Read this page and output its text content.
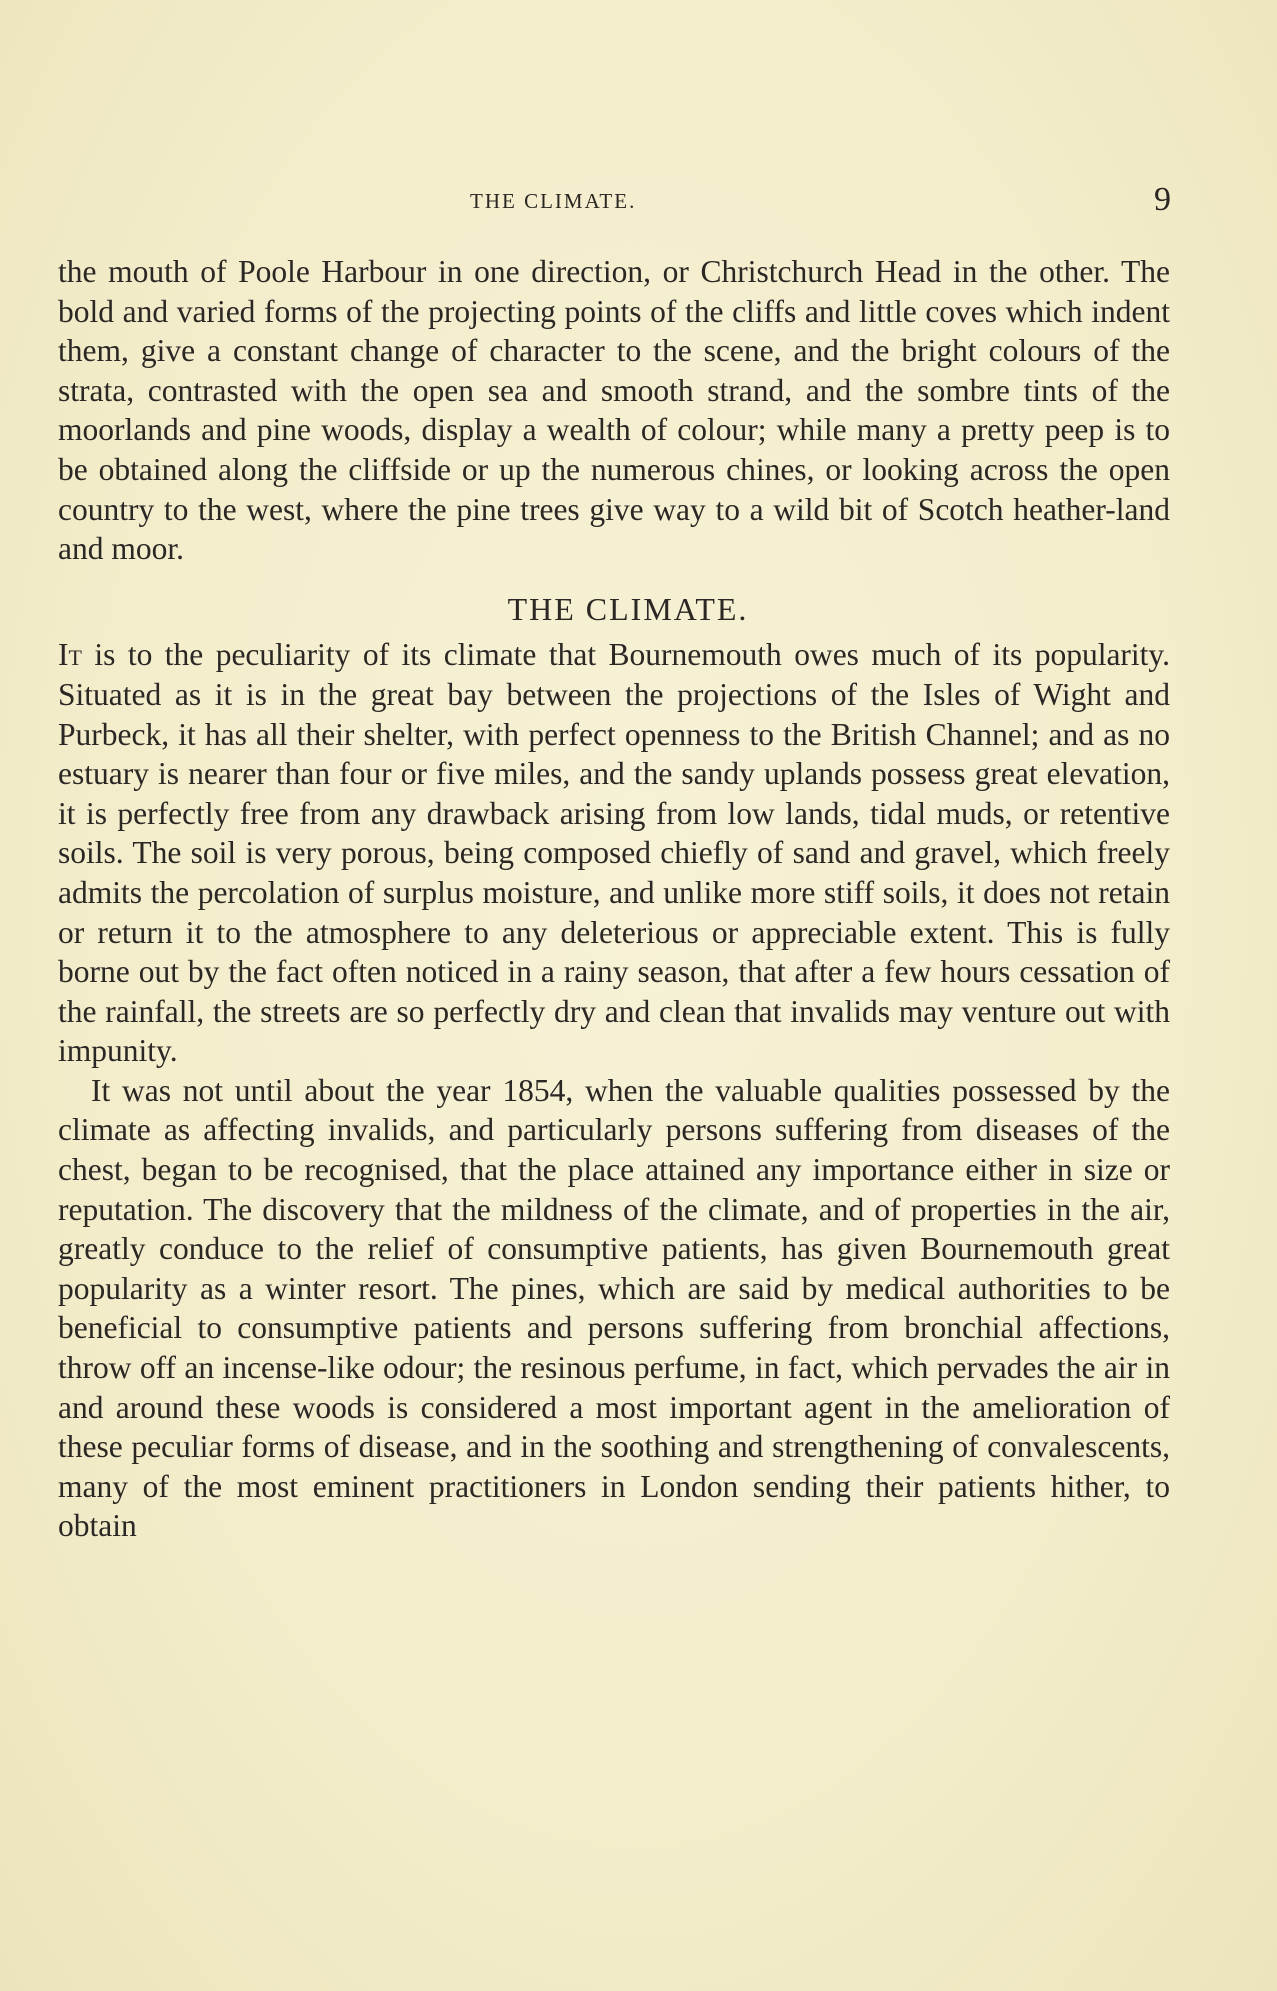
THE CLIMATE.	9

the mouth of Poole Harbour in one direction, or Christchurch Head in the other. The bold and varied forms of the projecting points of the cliffs and little coves which indent them, give a constant change of character to the scene, and the bright colours of the strata, contrasted with the open sea and smooth strand, and the sombre tints of the moorlands and pine woods, display a wealth of colour; while many a pretty peep is to be obtained along the cliffside or up the numerous chines, or looking across the open country to the west, where the pine trees give way to a wild bit of Scotch heather-land and moor.

THE CLIMATE.

It is to the peculiarity of its climate that Bournemouth owes much of its popularity. Situated as it is in the great bay between the projections of the Isles of Wight and Purbeck, it has all their shelter, with perfect openness to the British Channel; and as no estuary is nearer than four or five miles, and the sandy uplands possess great elevation, it is perfectly free from any drawback arising from low lands, tidal muds, or retentive soils. The soil is very porous, being composed chiefly of sand and gravel, which freely admits the percolation of surplus moisture, and unlike more stiff soils, it does not retain or return it to the atmosphere to any deleterious or appreciable extent. This is fully borne out by the fact often noticed in a rainy season, that after a few hours cessation of the rainfall, the streets are so perfectly dry and clean that invalids may venture out with impunity.

It was not until about the year 1854, when the valuable qualities possessed by the climate as affecting invalids, and particularly persons suffering from diseases of the chest, began to be recognised, that the place attained any importance either in size or reputation. The discovery that the mildness of the climate, and of properties in the air, greatly conduce to the relief of consumptive patients, has given Bournemouth great popularity as a winter resort. The pines, which are said by medical authorities to be beneficial to consumptive patients and persons suffering from bronchial affections, throw off an incense-like odour; the resinous perfume, in fact, which pervades the air in and around these woods is considered a most important agent in the amelioration of these peculiar forms of disease, and in the soothing and strengthening of convalescents, many of the most eminent practitioners in London sending their patients hither, to obtain
